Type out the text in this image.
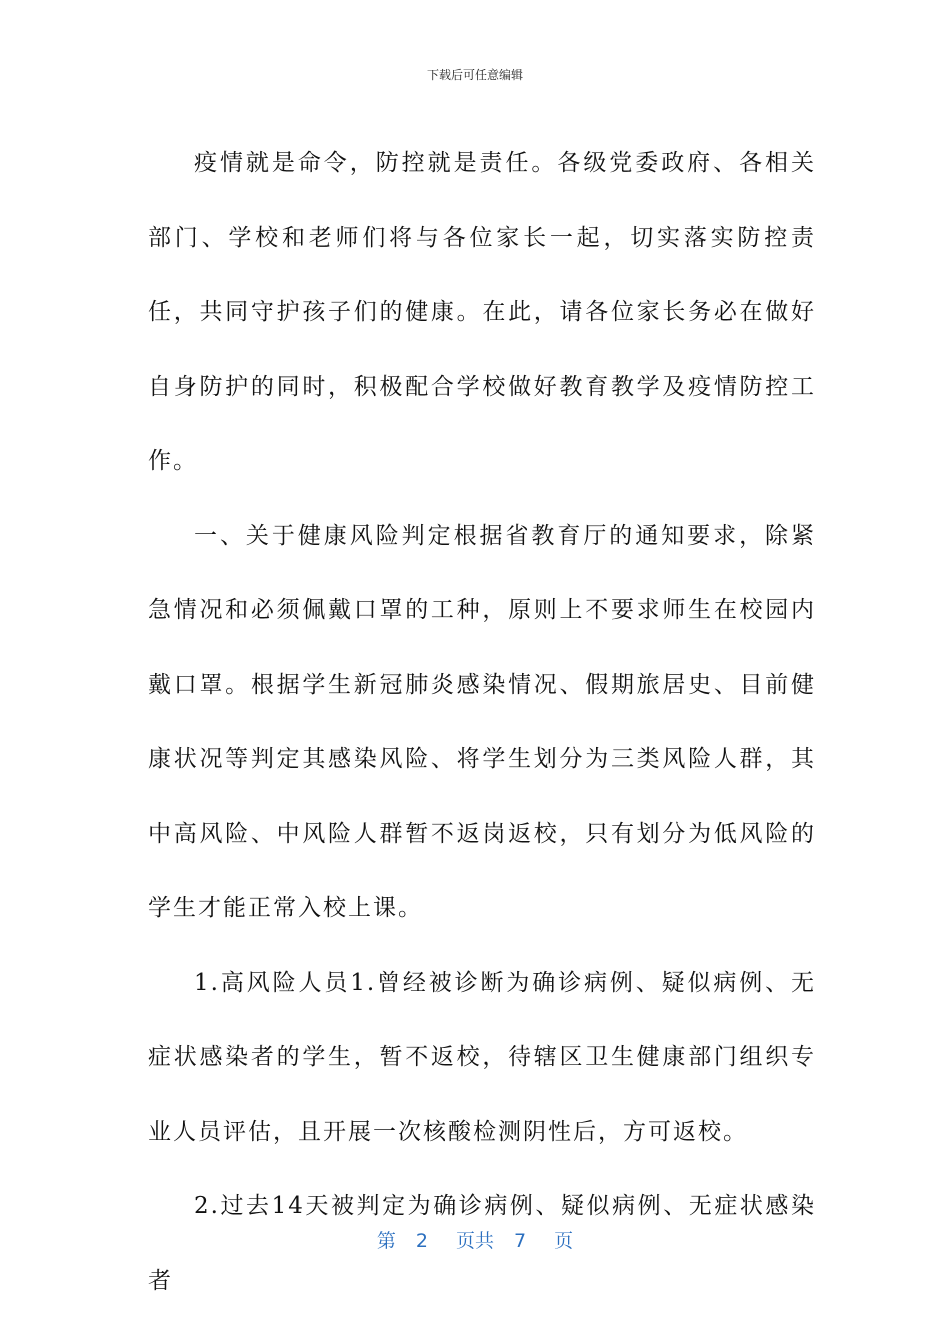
下载后可任意编辑

疫情就是命令，防控就是责任。各级党委政府、各相关部门、学校和老师们将与各位家长一起，切实落实防控责任，共同守护孩子们的健康。在此，请各位家长务必在做好自身防护的同时，积极配合学校做好教育教学及疫情防控工作。

一、关于健康风险判定根据省教育厅的通知要求，除紧急情况和必须佩戴口罩的工种，原则上不要求师生在校园内戴口罩。根据学生新冠肺炎感染情况、假期旅居史、目前健康状况等判定其感染风险、将学生划分为三类风险人群，其中高风险、中风险人群暂不返岗返校，只有划分为低风险的学生才能正常入校上课。

1.高风险人员1.曾经被诊断为确诊病例、疑似病例、无症状感染者的学生，暂不返校，待辖区卫生健康部门组织专业人员评估，且开展一次核酸检测阴性后，方可返校。

2.过去14天被判定为确诊病例、疑似病例、无症状感染者

第 2 页共 7 页
